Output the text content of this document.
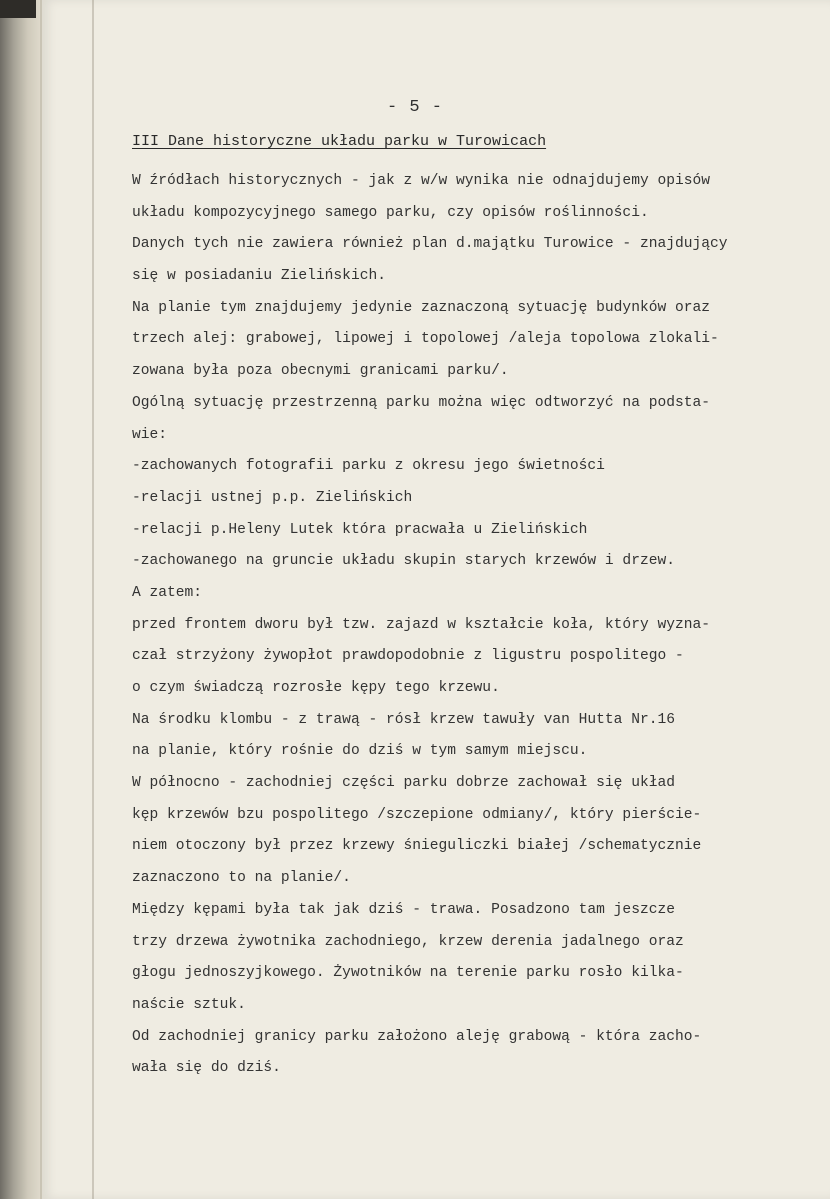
- 5 -
III Dane historyczne układu parku w Turowicach
W źródłach historycznych - jak z w/w wynika nie odnajdujemy opisów
układu kompozycyjnego samego parku, czy opisów roślinności.
Danych tych nie zawiera również plan d.majątku Turowice - znajdujący
się w posiadaniu Zielińskich.
Na planie tym znajdujemy jedynie zaznaczoną sytuację budynków oraz
trzech alej: grabowej, lipowej i topolowej /aleja topolowa zlokali-
zowana była poza obecnymi granicami parku/.
Ogólną sytuację przestrzenną parku można więc odtworzyć na podsta-
wie:
-zachowanych fotografii parku z okresu jego świetności
-relacji ustnej p.p. Zielińskich
-relacji p.Heleny Lutek która pracwała u Zielińskich
-zachowanego na gruncie układu skupin starych krzewów i drzew.
A zatem:
przed frontem dworu był tzw. zajazd w kształcie koła, który wyzna-
czał strzyżony żywopłot prawdopodobnie z ligustru pospolitego -
o czym świadczą rozrosłe kępy tego krzewu.
Na środku klombu - z trawą - rósł krzew tawuły van Hutta Nr.16
na planie, który rośnie do dziś w tym samym miejscu.
W północno - zachodniej części parku dobrze zachował się układ
kęp krzewów bzu pospolitego /szczepione odmiany/, który pierście-
niem otoczony był przez krzewy śnieguliczki białej /schematycznie
zaznaczono to na planie/.
Między kępami była tak jak dziś - trawa. Posadzono tam jeszcze
trzy drzewa żywotnika zachodniego, krzew derenia jadalnego oraz
głogu jednoszyjkowego. Żywotników na terenie parku rosło kilka-
naście sztuk.
Od zachodniej granicy parku założono aleję grabową - która zacho-
wała się do dziś.
